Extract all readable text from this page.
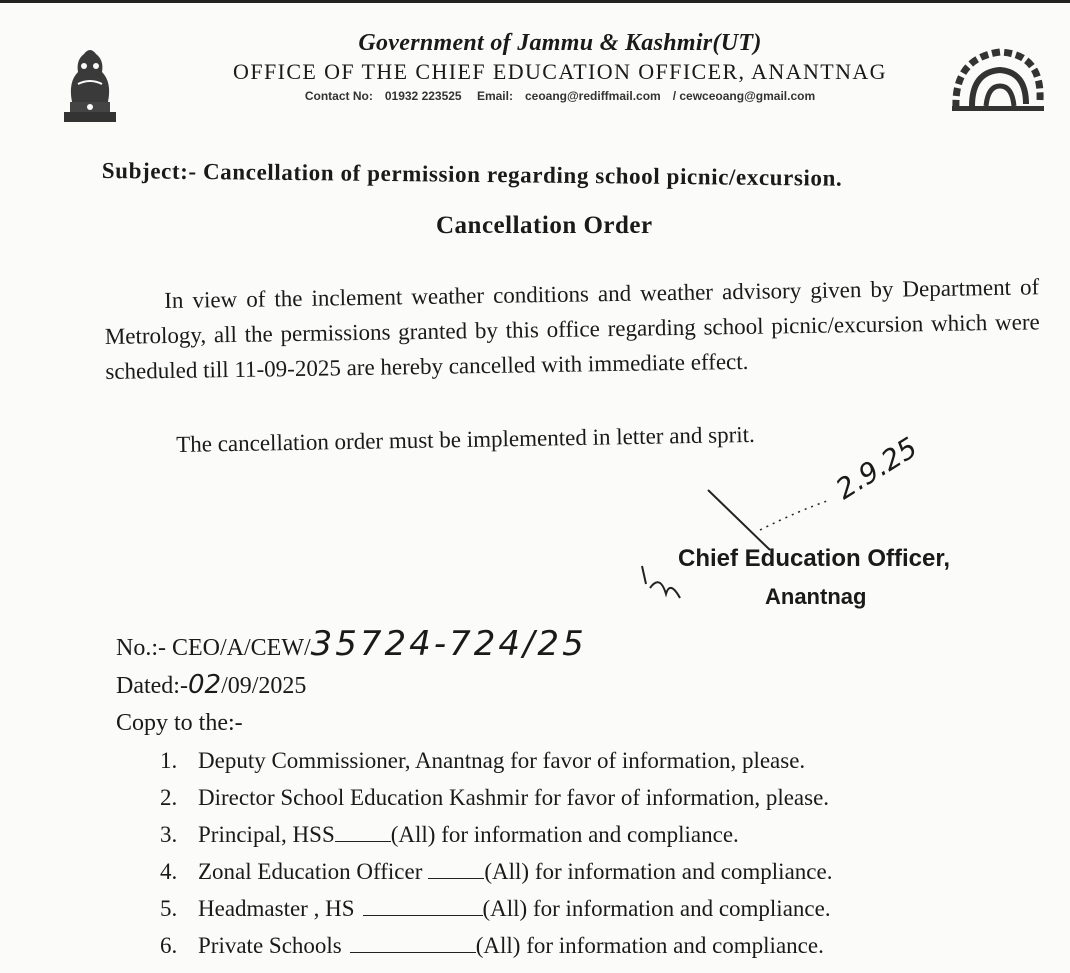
Government of Jammu & Kashmir(UT)
OFFICE OF THE CHIEF EDUCATION OFFICER, ANANTNAG
Contact No: 01932 223525 Email: ceoang@rediffmail.com / cewceoang@gmail.com
Subject:- Cancellation of permission regarding school picnic/excursion.
Cancellation Order
In view of the inclement weather conditions and weather advisory given by Department of Metrology, all the permissions granted by this office regarding school picnic/excursion which were scheduled till 11-09-2025 are hereby cancelled with immediate effect.
The cancellation order must be implemented in letter and sprit.	2.9.25
Chief Education Officer,
Anantnag
No.:- CEO/A/CEW/35724-724/25
Dated:-02/09/2025
Copy to the:-
1. Deputy Commissioner, Anantnag for favor of information, please.
2. Director School Education Kashmir for favor of information, please.
3. Principal, HSS (All) for information and compliance.
4. Zonal Education Officer	(All) for information and compliance.
5. Headmaster , HS	(All) for information and compliance.
6. Private Schools	(All) for information and compliance.
